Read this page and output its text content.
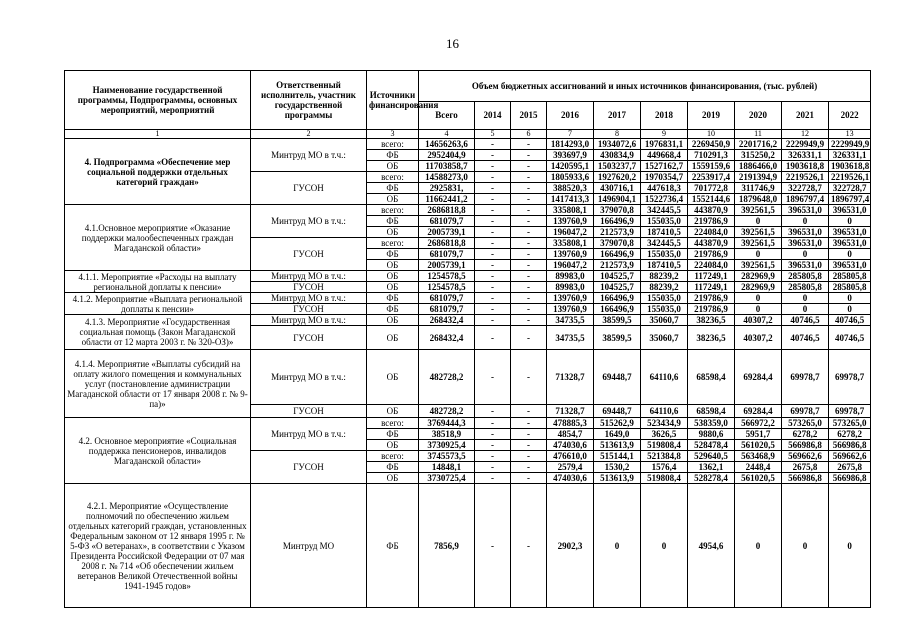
16
Наименование государственной программы, Подпрограммы, основных мероприятий, мероприятий	Ответственный исполнитель, участник государственной программы	Источники финансирования	Объем бюджетных ассигнований и иных источников финансирования, (тыс. рублей)									
			Всего	2014	2015	2016	2017	2018	2019	2020	2021	2022
1	2	3	4	5	6	7	8	9	10	11	12	13
4. Подпрограмма «Обеспечение мер социальной поддержки отдельных категорий граждан»	Минтруд МО в т.ч.:	всего:	14656263,6	-	-	1814293,0	1934072,6	1976831,1	2269450,9	2201716,2	2229949,9	2229949,9
		ФБ	2952404,9	-	-	393697,9	430834,9	449668,4	710291,3	315250,2	326331,1	326331,1
		ОБ	11703858,7	-	-	1420595,1	1503237,7	1527162,7	1559159,6	1886466,0	1903618,8	1903618,8
	ГУСОН	всего:	14588273,0	-	-	1805933,6	1927620,2	1970354,7	2253917,4	2191394,9	2219526,1	2219526,1
		ФБ	2925831,	-	-	388520,3	430716,1	447618,3	701772,8	311746,9	322728,7	322728,7
		ОБ	11662441,2	-	-	1417413,3	1496904,1	1522736,4	1552144,6	1879648,0	1896797,4	1896797,4
4.1.Основное мероприятие «Оказание поддержки малообеспеченных граждан Магаданской области»	Минтруд МО в т.ч.:	всего:	2686818,8	-	-	335808,1	379070,8	342445,5	443870,9	392561,5	396531,0	396531,0
		ФБ	681079,7	-	-	139760,9	166496,9	155035,0	219786,9	0	0	0
		ОБ	2005739,1	-	-	196047,2	212573,9	187410,5	224084,0	392561,5	396531,0	396531,0
	ГУСОН	всего:	2686818,8	-	-	335808,1	379070,8	342445,5	443870,9	392561,5	396531,0	396531,0
		ФБ	681079,7	-	-	139760,9	166496,9	155035,0	219786,9	0	0	0
		ОБ	2005739,1	-	-	196047,2	212573,9	187410,5	224084,0	392561,5	396531,0	396531,0
4.1.1. Мероприятие «Расходы на выплату региональной доплаты к пенсии»	Минтруд МО в т.ч.:	ОБ	1254578,5	-	-	89983,0	104525,7	88239,2	117249,1	282969,9	285805,8	285805,8
	ГУСОН	ОБ	1254578,5	-	-	89983,0	104525,7	88239,2	117249,1	282969,9	285805,8	285805,8
4.1.2. Мероприятие «Выплата региональной доплаты к пенсии»	Минтруд МО в т.ч.:	ФБ	681079,7	-	-	139760,9	166496,9	155035,0	219786,9	0	0	0
	ГУСОН	ФБ	681079,7	-	-	139760,9	166496,9	155035,0	219786,9	0	0	0
4.1.3. Мероприятие «Государственная социальная помощь (Закон Магаданской области от 12 марта 2003 г. № 320-ОЗ)»	Минтруд МО в т.ч.:	ОБ	268432,4	-	-	34735,5	38599,5	35060,7	38236,5	40307,2	40746,5	40746,5
	ГУСОН	ОБ	268432,4	-	-	34735,5	38599,5	35060,7	38236,5	40307,2	40746,5	40746,5
4.1.4. Мероприятие «Выплаты субсидий на оплату жилого помещения и коммунальных услуг (постановление администрации Магаданской области от 17 января 2008 г. № 9-па)»	Минтруд МО в т.ч.:	ОБ	482728,2	-	-	71328,7	69448,7	64110,6	68598,4	69284,4	69978,7	69978,7
	ГУСОН	ОБ	482728,2	-	-	71328,7	69448,7	64110,6	68598,4	69284,4	69978,7	69978,7
4.2. Основное мероприятие «Социальная поддержка пенсионеров, инвалидов Магаданской области»	Минтруд МО в т.ч.:	всего:	3769444,3	-	-	478885,3	515262,9	523434,9	538359,0	566972,2	573265,0	573265,0
		ФБ	38518,9	-	-	4854,7	1649,0	3626,5	9880,6	5951,7	6278,2	6278,2
		ОБ	3730925,4	-	-	474030,6	513613,9	519808,4	528478,4	561020,5	566986,8	566986,8
	ГУСОН	всего:	3745573,5	-	-	476610,0	515144,1	521384,8	529640,5	563468,9	569662,6	569662,6
		ФБ	14848,1	-	-	2579,4	1530,2	1576,4	1362,1	2448,4	2675,8	2675,8
		ОБ	3730725,4	-	-	474030,6	513613,9	519808,4	528278,4	561020,5	566986,8	566986,8
4.2.1. Мероприятие «Осуществление полномочий по обеспечению жильем отдельных категорий граждан, установленных Федеральным законом от 12 января 1995 г. № 5-ФЗ «О ветеранах», в соответствии с Указом Президента Российской Федерации от 07 мая 2008 г. № 714 «Об обеспечении жильем ветеранов Великой Отечественной войны 1941-1945 годов»	Минтруд МО	ФБ	7856,9	-	-	2902,3	0	0	4954,6	0	0	0
